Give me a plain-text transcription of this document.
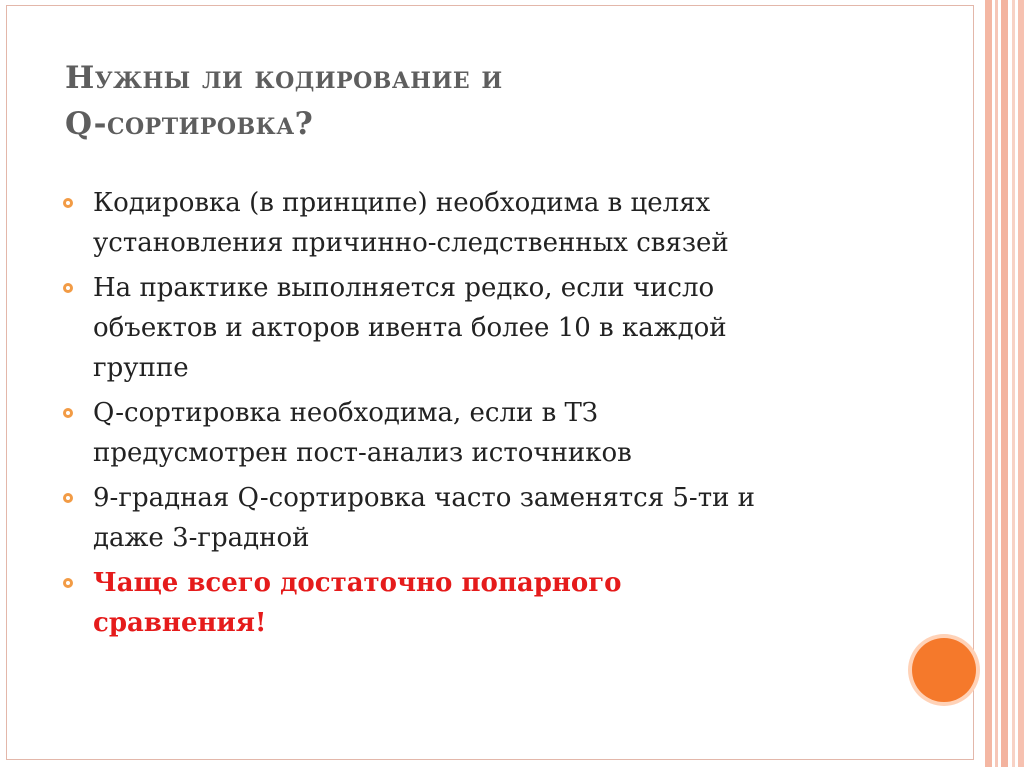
Нужны ли кодирование и
Q-сортировка?
Кодировка (в принципе) необходима в целях
установления причинно-следственных связей
На практике выполняется редко, если число
объектов и акторов ивента более 10 в каждой
группе
Q-сортировка необходима, если в ТЗ
предусмотрен пост-анализ источников
9-градная Q-сортировка часто заменятся 5-ти и
даже 3-градной
Чаще всего достаточно попарного
сравнения!
